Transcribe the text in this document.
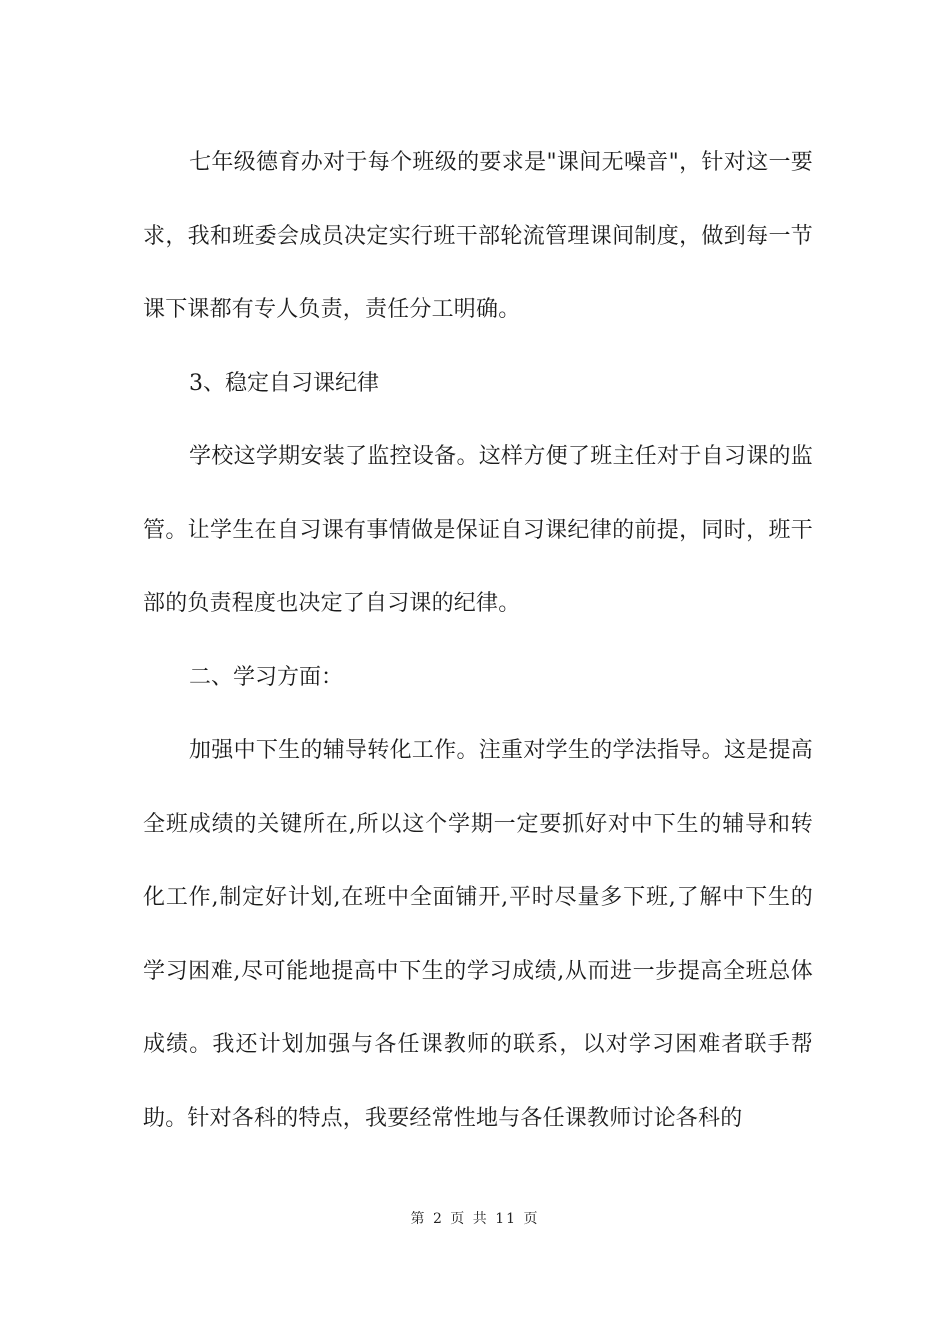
七年级德育办对于每个班级的要求是"课间无噪音"，针对这一要求，我和班委会成员决定实行班干部轮流管理课间制度，做到每一节课下课都有专人负责，责任分工明确。

3、稳定自习课纪律

学校这学期安装了监控设备。这样方便了班主任对于自习课的监管。让学生在自习课有事情做是保证自习课纪律的前提，同时，班干部的负责程度也决定了自习课的纪律。

二、学习方面：

加强中下生的辅导转化工作。注重对学生的学法指导。这是提高全班成绩的关键所在,所以这个学期一定要抓好对中下生的辅导和转化工作,制定好计划,在班中全面铺开,平时尽量多下班,了解中下生的学习困难,尽可能地提高中下生的学习成绩,从而进一步提高全班总体成绩。我还计划加强与各任课教师的联系，以对学习困难者联手帮助。针对各科的特点，我要经常性地与各任课教师讨论各科的

第 2 页 共 11 页
